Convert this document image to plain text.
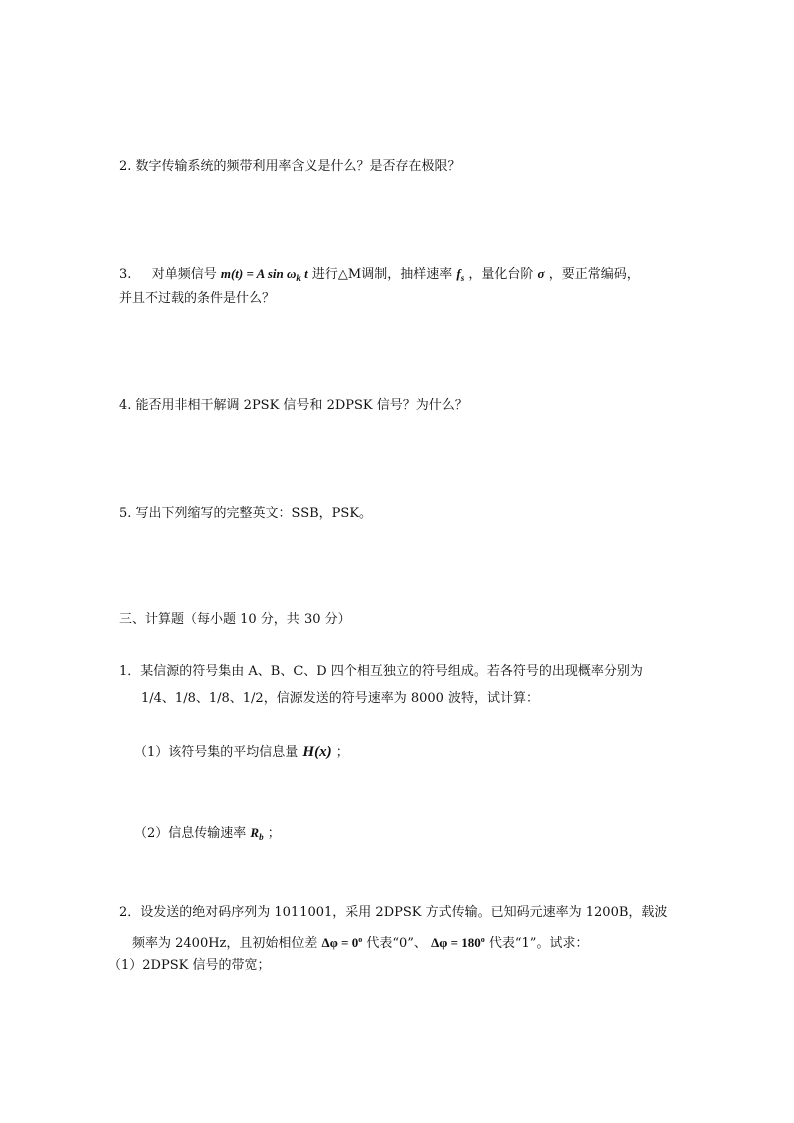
2. 数字传输系统的频带利用率含义是什么？是否存在极限？
3. 对单频信号 m(t) = A $\sin \omega_k$ t 进行△M调制，抽样速率 $f_s$ ，量化台阶 σ ，要正常编码，
并且不过载的条件是什么？
4. 能否用非相干解调 2PSK 信号和 2DPSK 信号？为什么？
5. 写出下列缩写的完整英文：SSB，PSK。
三、计算题（每小题 10 分，共 30 分）
1．某信源的符号集由 A、B、C、D 四个相互独立的符号组成。若各符号的出现概率分别为
1/4、1/8、1/8、1/2，信源发送的符号速率为 8000 波特，试计算：
（1）该符号集的平均信息量 H(x) ；
（2）信息传输速率 $R_b$ ；
2．设发送的绝对码序列为 1011001，采用 2DPSK 方式传输。已知码元速率为 1200B，载波
频率为 2400Hz，且初始相位差 $\Delta\varphi = 0^o$ 代表“0”、 $\Delta\varphi = 180^o$ 代表“1”。试求：
（1）2DPSK 信号的带宽；
